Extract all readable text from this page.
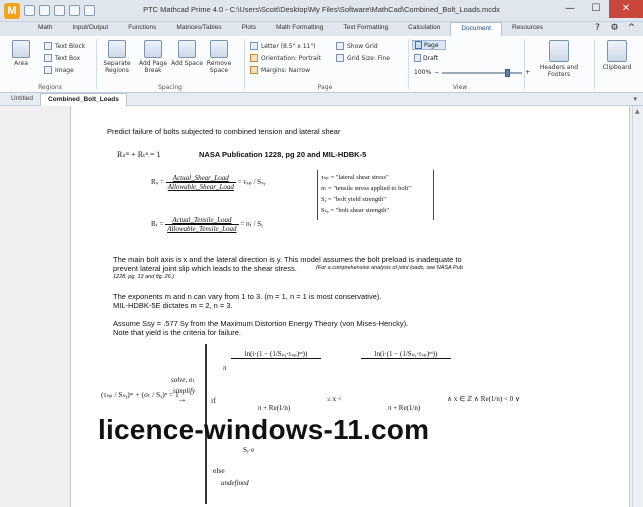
M	PTC Mathcad Prime 4.0 - C:\Users\Scott\Desktop\My Files\Software\MathCad\Combined_Bolt_Loads.mcdx	—	☐	✕
Math	Input/Output	Functions	Matrices/Tables	Plots	Math Formatting	Text Formatting	Calculation	Document	Resources	?	⚙ ^
Area
Text Block
Text Box
Image
Regions
Separate Regions
Add Page Break
Add Space Remove Space
Spacing
Letter (8.5" x 11")
Orientation: Portrait
Margins: Narrow
Show Grid
Grid Size: Fine
Page
Page
Draft
100% −	+
View
Headers and Footers
Clipboard
Untitled	Combined_Bolt_Loads	▾
Predict failure of bolts subjected to combined tension and lateral shear
Rₛᵐ + Rₜⁿ = 1	NASA Publication 1228, pg 20 and MIL-HDBK-5
$R_s = \frac{\text{Actual\_Shear\_Load}}{\text{Allowable\_Shear\_Load}} = \tau_{sp}$ / Sₛᵧ
$R_t = \frac{\text{Actual\_Tensile\_Load}}{\text{Allowable\_Tensile\_Load}} = \sigma_t$ / Sᵧ
τₛₚ = "lateral shear stress"
σₜ = "tensile stress applied to bolt"
Sᵧ = "bolt yield strength"
Sₛᵧ = "bolt shear strength"
The main bolt axis is x and the lateral direction is y. This model assumes the bolt preload is inadequate to
prevent lateral joint slip which leads to the shear stress.	(For a comprehensive analysis of joint loads, see NASA Pub
1228, pg. 13 and fig. 26.)
The exponents m and n can vary from 1 to 3. (m = 1, n = 1 is most conservative).
MIL-HDBK-5E dictates m = 2, n = 3.
Assume Ssy = .577 Sy from the Maximum Distortion Energy Theory (von Mises-Hencky).
Note that yield is the criteria for failure.
(τₛₚ / Sₛᵧ)ᵐ + (σₜ / Sᵧ)ⁿ = 1
solve, σₜ
simplify
→	if
ln(i·(1 − (1/Sₛᵧ·τₛₚ)ᵐ))
π
π + Re(1/n)
≤ x <
ln(i·(1 − (1/Sₛᵧ·τₛₚ)ᵐ))
π + Re(1/n)
∧ x ∈ ℤ ∧ Re(1/n) < 0 ∨
Sᵧ·e
else
undefined
▲
licence-windows-11.com
